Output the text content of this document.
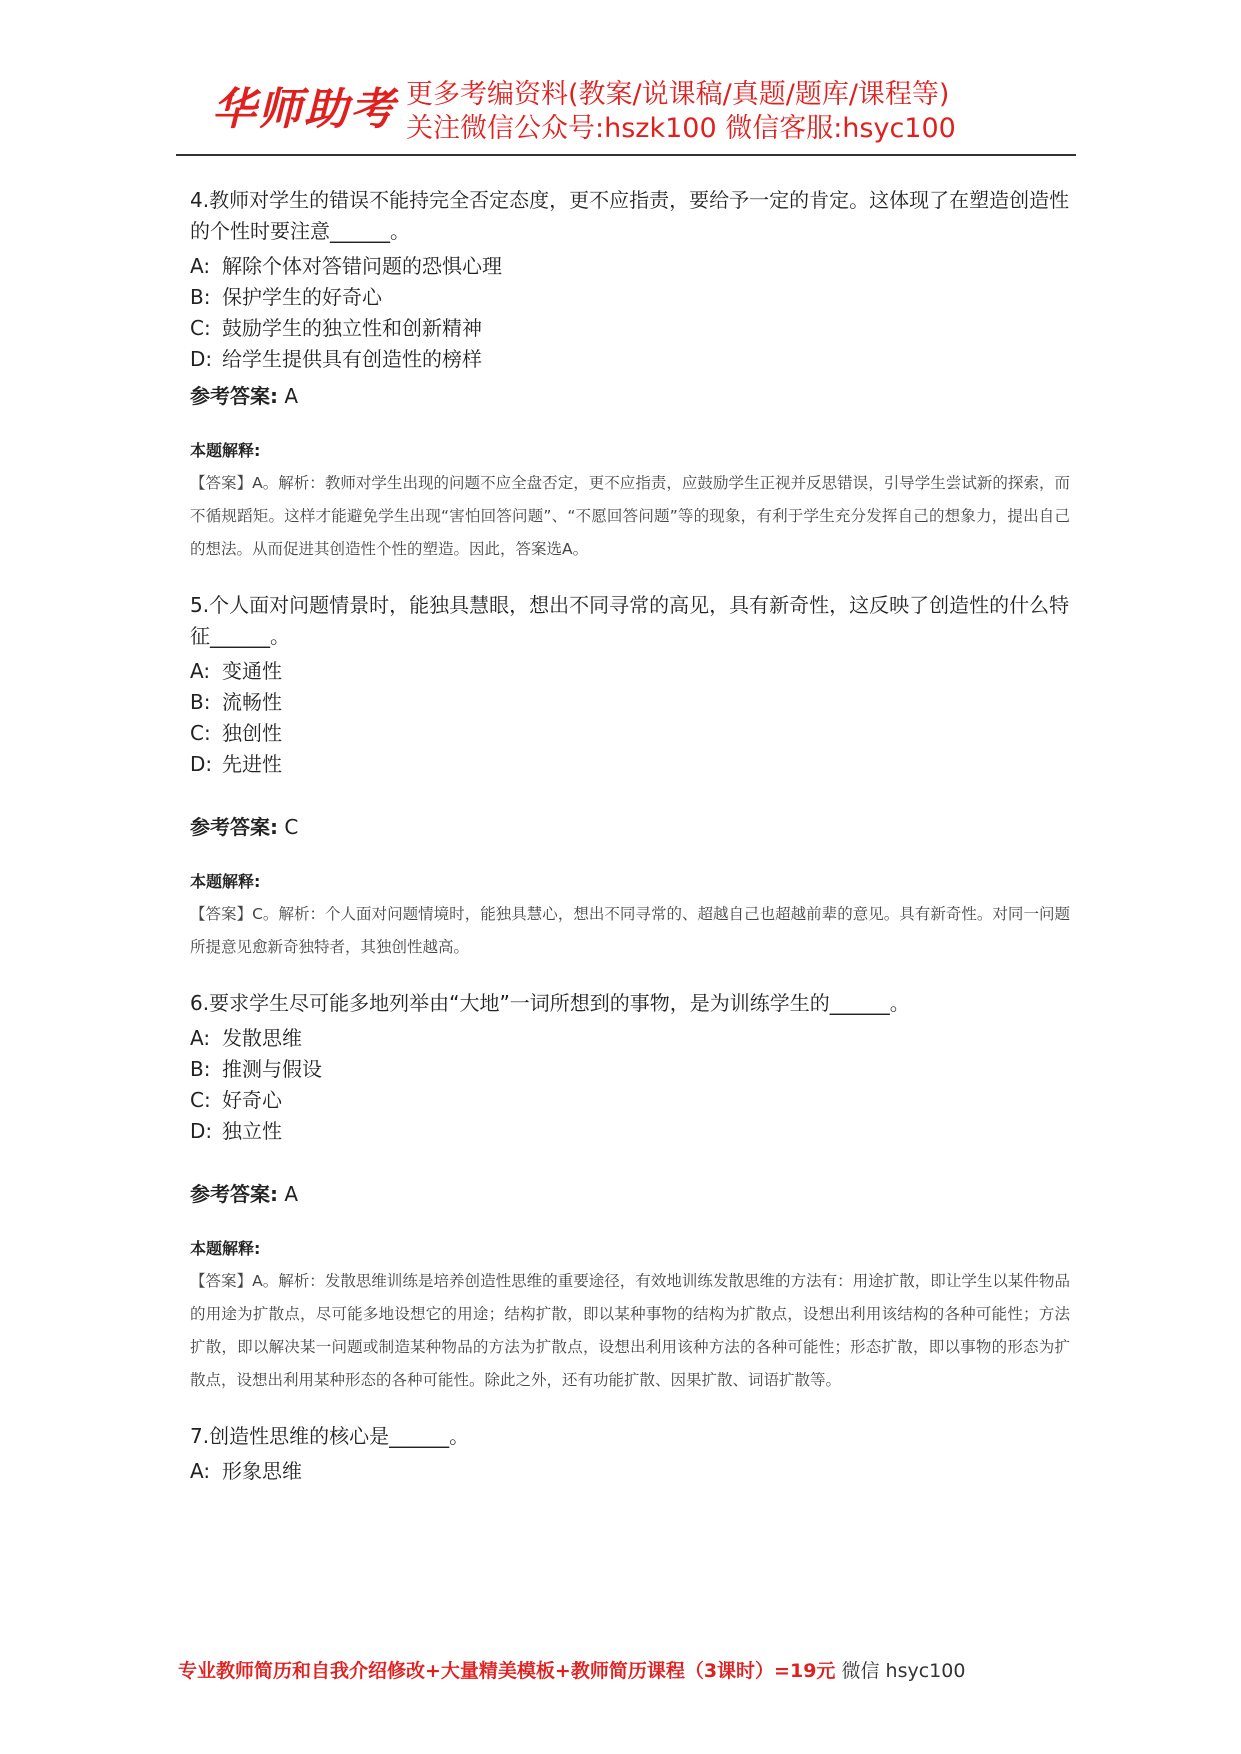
华师助考 更多考编资料(教案/说课稿/真题/题库/课程等)
关注微信公众号:hszk100 微信客服:hsyc100

4.教师对学生的错误不能持完全否定态度，更不应指责，要给予一定的肯定。这体现了在塑造创造性的个性时要注意______。

A: 解除个体对答错问题的恐惧心理

B: 保护学生的好奇心

C: 鼓励学生的独立性和创新精神

D: 给学生提供具有创造性的榜样

参考答案: A

本题解释:

【答案】A。解析：教师对学生出现的问题不应全盘否定，更不应指责，应鼓励学生正视并反思错误，引导学生尝试新的探索，而不循规蹈矩。这样才能避免学生出现“害怕回答问题”、“不愿回答问题”等的现象，有利于学生充分发挥自己的想象力，提出自己的想法。从而促进其创造性个性的塑造。因此，答案选A。

5.个人面对问题情景时，能独具慧眼，想出不同寻常的高见，具有新奇性，这反映了创造性的什么特征______。

A: 变通性

B: 流畅性

C: 独创性

D: 先进性

参考答案: C

本题解释:

【答案】C。解析：个人面对问题情境时，能独具慧心，想出不同寻常的、超越自己也超越前辈的意见。具有新奇性。对同一问题所提意见愈新奇独特者，其独创性越高。

6.要求学生尽可能多地列举由“大地”一词所想到的事物，是为训练学生的______。

A: 发散思维

B: 推测与假设

C: 好奇心

D: 独立性

参考答案: A

本题解释:

【答案】A。解析：发散思维训练是培养创造性思维的重要途径，有效地训练发散思维的方法有：用途扩散，即让学生以某件物品的用途为扩散点，尽可能多地设想它的用途；结构扩散，即以某种事物的结构为扩散点，设想出利用该结构的各种可能性；方法扩散，即以解决某一问题或制造某种物品的方法为扩散点，设想出利用该种方法的各种可能性；形态扩散，即以事物的形态为扩散点，设想出利用某种形态的各种可能性。除此之外，还有功能扩散、因果扩散、词语扩散等。

7.创造性思维的核心是______。

A: 形象思维

专业教师简历和自我介绍修改+大量精美模板+教师简历课程（3课时）=19元 微信 hsyc100
